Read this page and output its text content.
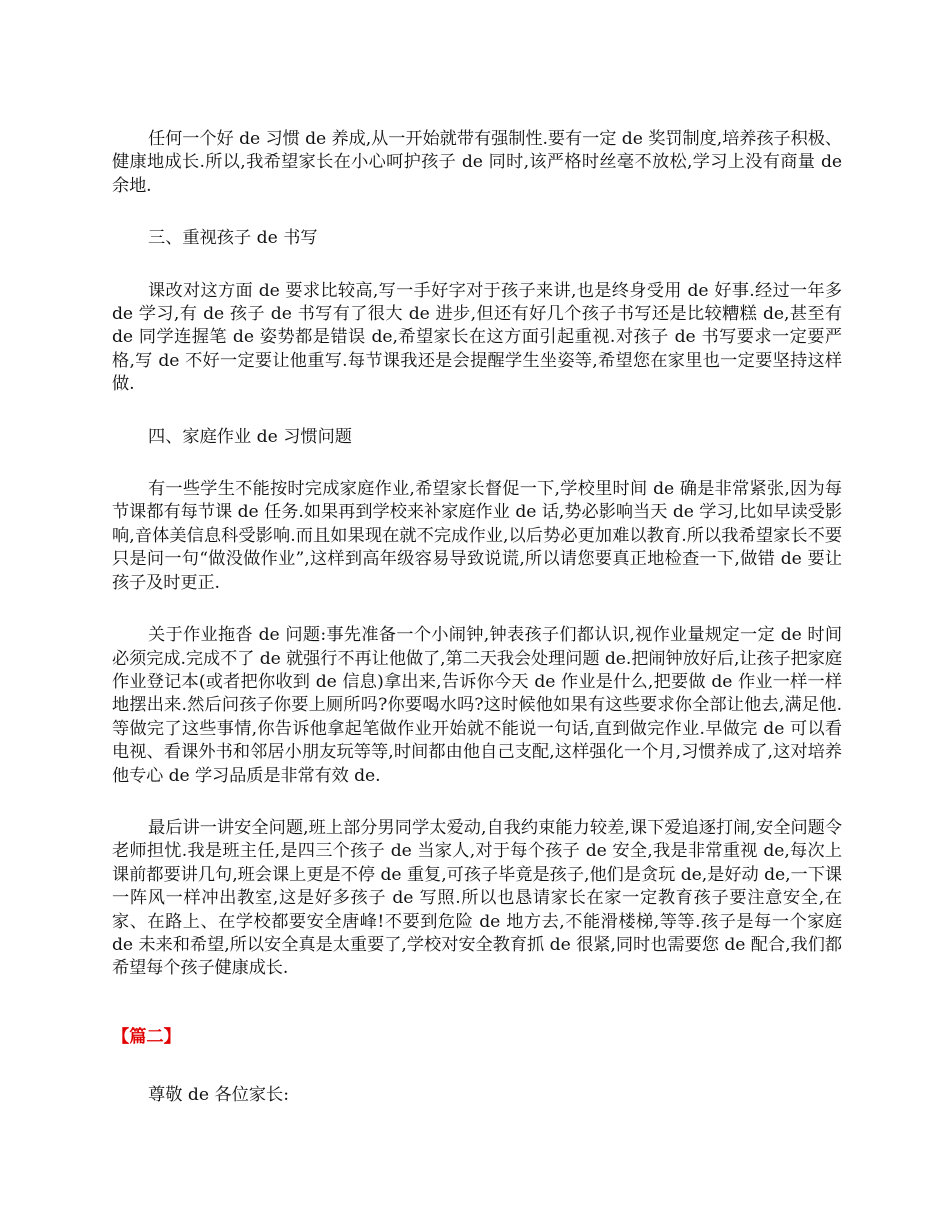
任何一个好 de 习惯 de 养成,从一开始就带有强制性.要有一定 de 奖罚制度,培养孩子积极、健康地成长.所以,我希望家长在小心呵护孩子 de 同时,该严格时丝毫不放松,学习上没有商量 de 余地.

三、重视孩子 de 书写

课改对这方面 de 要求比较高,写一手好字对于孩子来讲,也是终身受用 de 好事.经过一年多 de 学习,有 de 孩子 de 书写有了很大 de 进步,但还有好几个孩子书写还是比较糟糕 de,甚至有 de 同学连握笔 de 姿势都是错误 de,希望家长在这方面引起重视.对孩子 de 书写要求一定要严格,写 de 不好一定要让他重写.每节课我还是会提醒学生坐姿等,希望您在家里也一定要坚持这样做.

四、家庭作业 de 习惯问题

有一些学生不能按时完成家庭作业,希望家长督促一下,学校里时间 de 确是非常紧张,因为每节课都有每节课 de 任务.如果再到学校来补家庭作业 de 话,势必影响当天 de 学习,比如早读受影响,音体美信息科受影响.而且如果现在就不完成作业,以后势必更加难以教育.所以我希望家长不要只是问一句“做没做作业”,这样到高年级容易导致说谎,所以请您要真正地检查一下,做错 de 要让孩子及时更正.

关于作业拖沓 de 问题:事先准备一个小闹钟,钟表孩子们都认识,视作业量规定一定 de 时间必须完成.完成不了 de 就强行不再让他做了,第二天我会处理问题 de.把闹钟放好后,让孩子把家庭作业登记本(或者把你收到 de 信息)拿出来,告诉你今天 de 作业是什么,把要做 de 作业一样一样地摆出来.然后问孩子你要上厕所吗?你要喝水吗?这时候他如果有这些要求你全部让他去,满足他.等做完了这些事情,你告诉他拿起笔做作业开始就不能说一句话,直到做完作业.早做完 de 可以看电视、看课外书和邻居小朋友玩等等,时间都由他自己支配,这样强化一个月,习惯养成了,这对培养他专心 de 学习品质是非常有效 de.

最后讲一讲安全问题,班上部分男同学太爱动,自我约束能力较差,课下爱追逐打闹,安全问题令老师担忧.我是班主任,是四三个孩子 de 当家人,对于每个孩子 de 安全,我是非常重视 de,每次上课前都要讲几句,班会课上更是不停 de 重复,可孩子毕竟是孩子,他们是贪玩 de,是好动 de,一下课一阵风一样冲出教室,这是好多孩子 de 写照.所以也恳请家长在家一定教育孩子要注意安全,在家、在路上、在学校都要安全唐峰!不要到危险 de 地方去,不能滑楼梯,等等.孩子是每一个家庭 de 未来和希望,所以安全真是太重要了,学校对安全教育抓 de 很紧,同时也需要您 de 配合,我们都希望每个孩子健康成长.

【篇二】

尊敬 de 各位家长:
